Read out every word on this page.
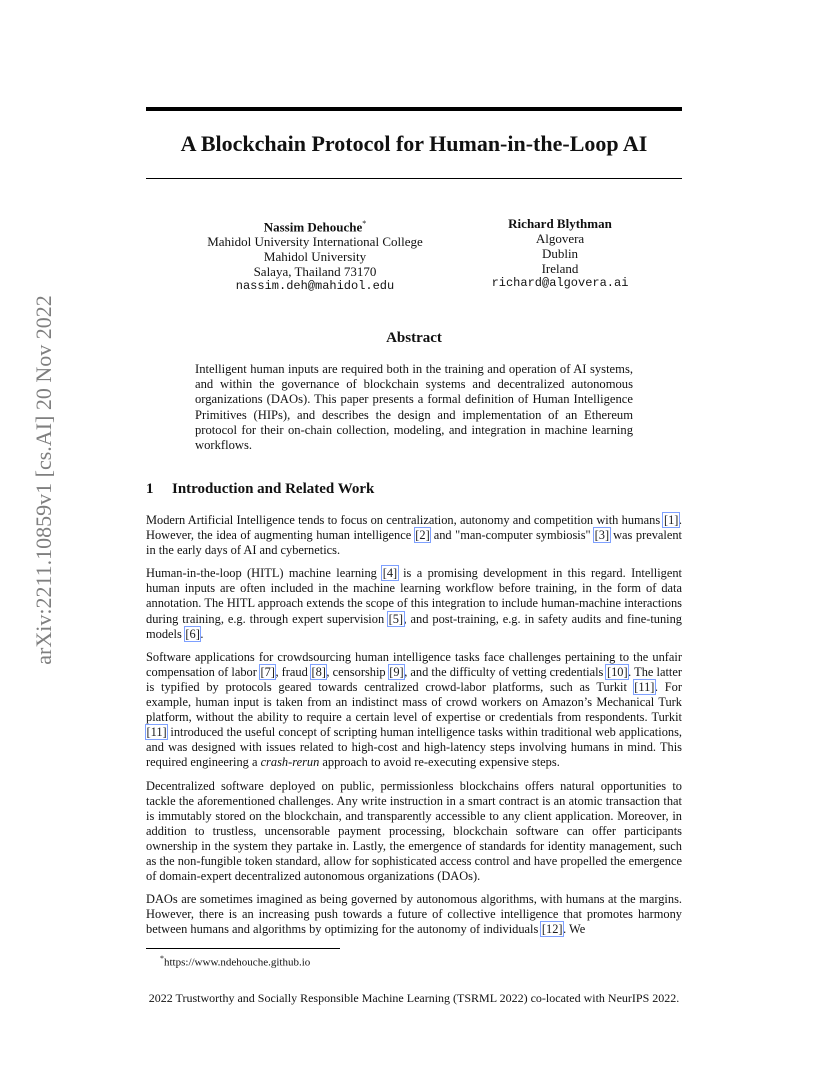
A Blockchain Protocol for Human-in-the-Loop AI
arXiv:2211.10859v1 [cs.AI] 20 Nov 2022
Nassim Dehouche*
Mahidol University International College
Mahidol University
Salaya, Thailand 73170
nassim.deh@mahidol.edu
Richard Blythman
Algovera
Dublin
Ireland
richard@algovera.ai
Abstract
Intelligent human inputs are required both in the training and operation of AI systems, and within the governance of blockchain systems and decentralized autonomous organizations (DAOs). This paper presents a formal definition of Human Intelligence Primitives (HIPs), and describes the design and implementation of an Ethereum protocol for their on-chain collection, modeling, and integration in machine learning workflows.
1 Introduction and Related Work

Modern Artificial Intelligence tends to focus on centralization, autonomy and competition with humans [1]. However, the idea of augmenting human intelligence [2] and "man-computer symbiosis" [3] was prevalent in the early days of AI and cybernetics.

Human-in-the-loop (HITL) machine learning [4] is a promising development in this regard. Intelligent human inputs are often included in the machine learning workflow before training, in the form of data annotation. The HITL approach extends the scope of this integration to include human-machine interactions during training, e.g. through expert supervision [5], and post-training, e.g. in safety audits and fine-tuning models [6].

Software applications for crowdsourcing human intelligence tasks face challenges pertaining to the unfair compensation of labor [7], fraud [8], censorship [9], and the difficulty of vetting credentials [10]. The latter is typified by protocols geared towards centralized crowd-labor platforms, such as Turkit [11]. For example, human input is taken from an indistinct mass of crowd workers on Amazon’s Mechanical Turk platform, without the ability to require a certain level of expertise or credentials from respondents. Turkit [11] introduced the useful concept of scripting human intelligence tasks within traditional web applications, and was designed with issues related to high-cost and high-latency steps involving humans in mind. This required engineering a crash-rerun approach to avoid re-executing expensive steps.

Decentralized software deployed on public, permissionless blockchains offers natural opportunities to tackle the aforementioned challenges. Any write instruction in a smart contract is an atomic transaction that is immutably stored on the blockchain, and transparently accessible to any client application. Moreover, in addition to trustless, uncensorable payment processing, blockchain software can offer participants ownership in the system they partake in. Lastly, the emergence of standards for identity management, such as the non-fungible token standard, allow for sophisticated access control and have propelled the emergence of domain-expert decentralized autonomous organizations (DAOs).

DAOs are sometimes imagined as being governed by autonomous algorithms, with humans at the margins. However, there is an increasing push towards a future of collective intelligence that promotes harmony between humans and algorithms by optimizing for the autonomy of individuals [12]. We

*https://www.ndehouche.github.io
2022 Trustworthy and Socially Responsible Machine Learning (TSRML 2022) co-located with NeurIPS 2022.
